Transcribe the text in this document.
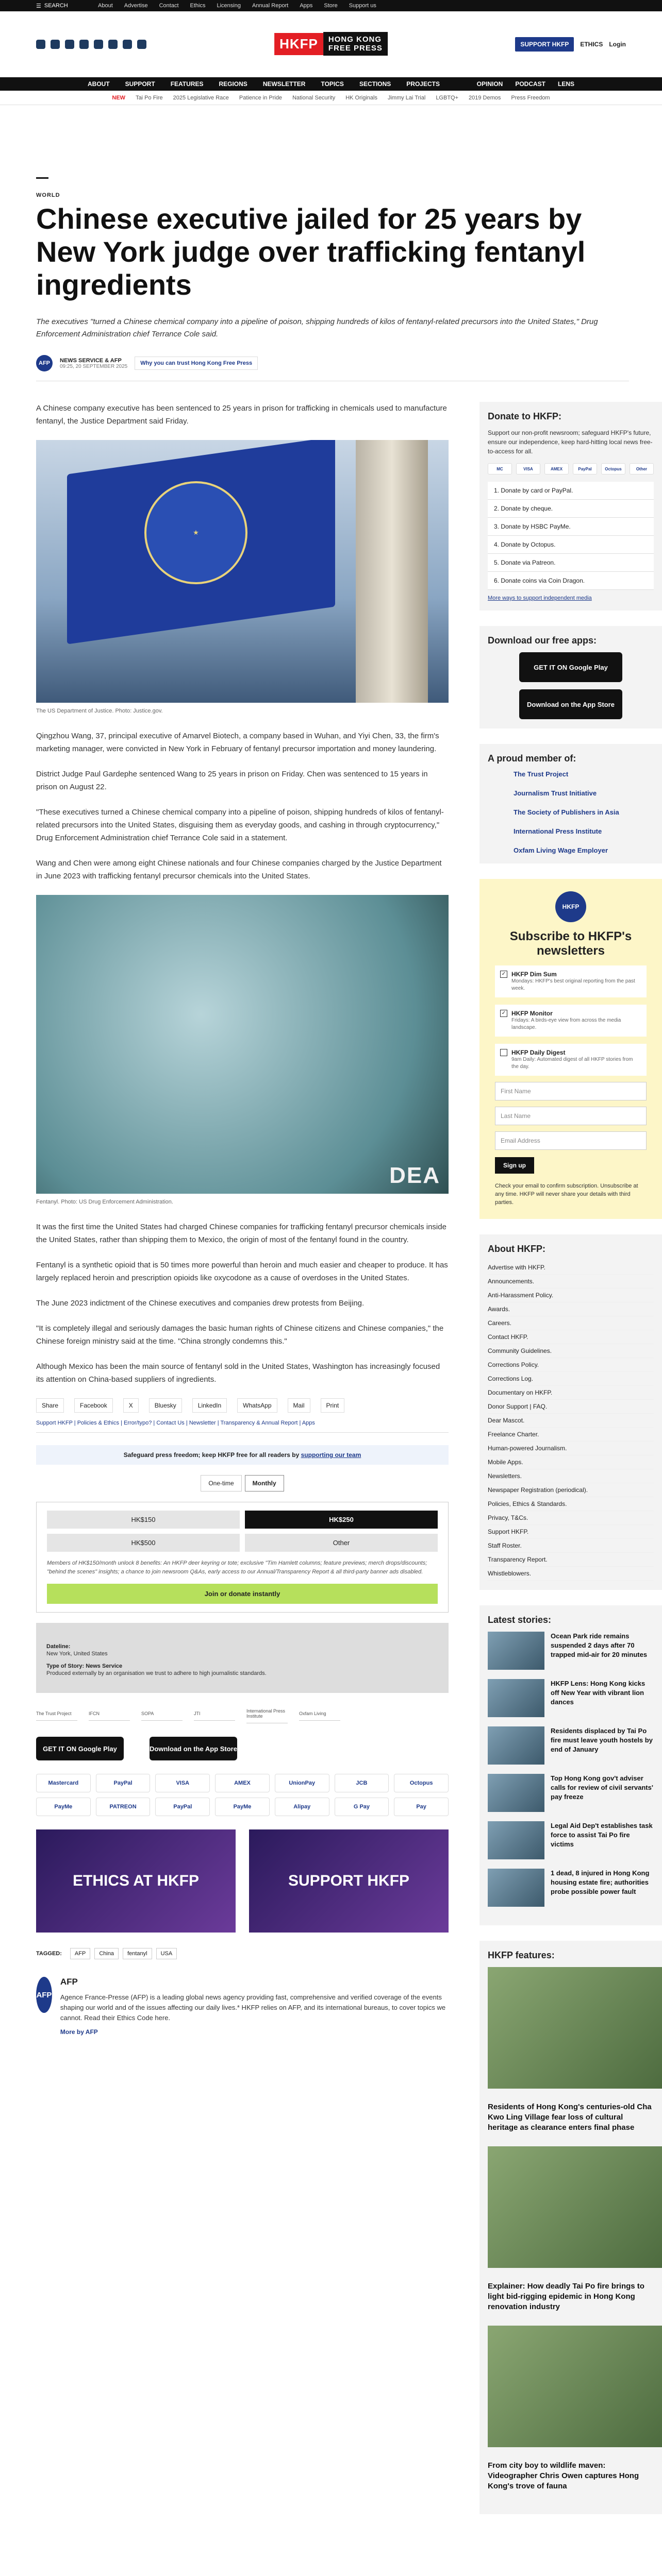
☰ SEARCH	About Advertise Contact Ethics Licensing Annual Report Apps Store Support us
HKFP	HONG KONG
FREE PRESS	SUPPORT HKFP	ETHICS Login
ABOUT	SUPPORT	FEATURES	REGIONS	NEWSLETTER	TOPICS	SECTIONS	PROJECTS	OPINION PODCAST LENS
NEW Tai Po Fire 2025 Legislative Race Patience in Pride National Security HK Originals Jimmy Lai Trial LGBTQ+ 2019 Demos Press Freedom
WORLD
Chinese executive jailed for 25 years by New York judge over trafficking fentanyl ingredients
The executives "turned a Chinese chemical company into a pipeline of poison, shipping hundreds of kilos of fentanyl-related precursors into the United States," Drug Enforcement Administration chief Terrance Cole said.
AFP	NEWS SERVICE & AFP
09:25, 20 SEPTEMBER 2025	Why you can trust Hong Kong Free Press

A Chinese company executive has been sentenced to 25 years in prison for trafficking in chemicals used to manufacture fentanyl, the Justice Department said Friday.

★
The US Department of Justice. Photo: Justice.gov.

Qingzhou Wang, 37, principal executive of Amarvel Biotech, a company based in Wuhan, and Yiyi Chen, 33, the firm's marketing manager, were convicted in New York in February of fentanyl precursor importation and money laundering.

District Judge Paul Gardephe sentenced Wang to 25 years in prison on Friday. Chen was sentenced to 15 years in prison on August 22.

"These executives turned a Chinese chemical company into a pipeline of poison, shipping hundreds of kilos of fentanyl-related precursors into the United States, disguising them as everyday goods, and cashing in through cryptocurrency," Drug Enforcement Administration chief Terrance Cole said in a statement.

Wang and Chen were among eight Chinese nationals and four Chinese companies charged by the Justice Department in June 2023 with trafficking fentanyl precursor chemicals into the United States.

DEA
Fentanyl. Photo: US Drug Enforcement Administration.

It was the first time the United States had charged Chinese companies for trafficking fentanyl precursor chemicals inside the United States, rather than shipping them to Mexico, the origin of most of the fentanyl found in the country.

Fentanyl is a synthetic opioid that is 50 times more powerful than heroin and much easier and cheaper to produce. It has largely replaced heroin and prescription opioids like oxycodone as a cause of overdoses in the United States.

The June 2023 indictment of the Chinese executives and companies drew protests from Beijing.

"It is completely illegal and seriously damages the basic human rights of Chinese citizens and Chinese companies," the Chinese foreign ministry said at the time. "China strongly condemns this."

Although Mexico has been the main source of fentanyl sold in the United States, Washington has increasingly focused its attention on China-based suppliers of ingredients.

Share	Facebook	X	Bluesky	LinkedIn	WhatsApp	Mail	Print
Support HKFP | Policies & Ethics | Error/typo? | Contact Us | Newsletter | Transparency & Annual Report | Apps
Safeguard press freedom; keep HKFP free for all readers by supporting our team
One-time	Monthly
HK$150	HK$250
HK$500	Other
Members of HK$150/month unlock 8 benefits: An HKFP deer keyring or tote; exclusive "Tim Hamlett columns; feature previews; merch drops/discounts; "behind the scenes" insights; a chance to join newsroom Q&As, early access to our Annual/Transparency Report & all third-party banner ads disabled.
Join or donate instantly
Dateline:

New York, United States

Type of Story: News Service

Produced externally by an organisation we trust to adhere to high journalistic standards.

The Trust Project	IFCN	SOPA	JTI	International Press Institute	Oxfam Living
GET IT ON Google Play	Download on the App Store
Mastercard	PayPal	VISA	AMEX	UnionPay	JCB	Octopus
PayMe	PATREON	PayPal	PayMe	Alipay	G Pay	Pay
ETHICS AT HKFP	SUPPORT HKFP
TAGGED:	AFP	China	fentanyl	USA
AFP
AFP

Agence France-Presse (AFP) is a leading global news agency providing fast, comprehensive and verified coverage of the events shaping our world and of the issues affecting our daily lives.* HKFP relies on AFP, and its international bureaus, to cover topics we cannot. Read their Ethics Code here.

More by AFP
Donate to HKFP:
Support our non-profit newsroom; safeguard HKFP's future, ensure our independence, keep hard-hitting local news free-to-access for all.
MC	VISA	AMEX	PayPal	Octopus	Other
1. Donate by card or PayPal.
2. Donate by cheque.
3. Donate by HSBC PayMe.
4. Donate by Octopus.
5. Donate via Patreon.
6. Donate coins via Coin Dragon.
More ways to support independent media
Download our free apps:
GET IT ON Google Play
Download on the App Store
A proud member of:
The Trust Project
Journalism Trust Initiative
The Society of Publishers in Asia
International Press Institute
Oxfam Living Wage Employer
HKFP
Subscribe to HKFP's newsletters
✓ HKFP Dim Sum
Mondays: HKFP's best original reporting from the past week.
✓ HKFP Monitor
Fridays: A birds-eye view from across the media landscape.
HKFP Daily Digest
9am Daily: Automated digest of all HKFP stories from the day.
First Name
Last Name
Email Address
Sign up
Check your email to confirm subscription. Unsubscribe at any time. HKFP will never share your details with third parties.
About HKFP:
Advertise with HKFP.
Announcements.
Anti-Harassment Policy.
Awards.
Careers.
Contact HKFP.
Community Guidelines.
Corrections Policy.
Corrections Log.
Documentary on HKFP.
Donor Support | FAQ.
Dear Mascot.
Freelance Charter.
Human-powered Journalism.
Mobile Apps.
Newsletters.
Newspaper Registration (periodical).
Policies, Ethics & Standards.
Privacy, T&Cs.
Support HKFP.
Staff Roster.
Transparency Report.
Whistleblowers.
Latest stories:

Ocean Park ride remains suspended 2 days after 70 trapped mid-air for 20 minutes

HKFP Lens: Hong Kong kicks off New Year with vibrant lion dances

Residents displaced by Tai Po fire must leave youth hostels by end of January

Top Hong Kong gov't adviser calls for review of civil servants' pay freeze

Legal Aid Dep't establishes task force to assist Tai Po fire victims

1 dead, 8 injured in Hong Kong housing estate fire; authorities probe possible power fault

HKFP features:

Residents of Hong Kong's centuries-old Cha Kwo Ling Village fear loss of cultural heritage as clearance enters final phase

Explainer: How deadly Tai Po fire brings to light bid-rigging epidemic in Hong Kong renovation industry

From city boy to wildlife maven: Videographer Chris Owen captures Hong Kong's trove of fauna
